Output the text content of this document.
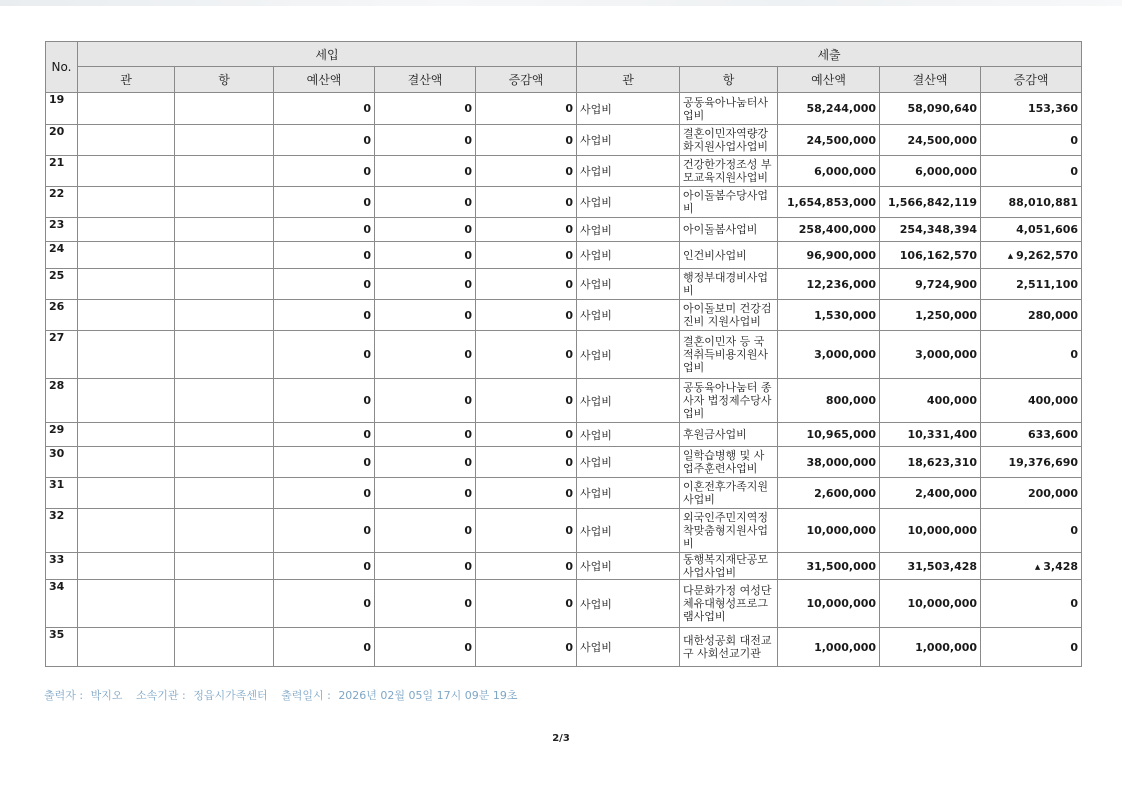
No.	세입					세출				
	관	항	예산액	결산액	증감액	관	항	예산액	결산액	증감액
19			0	0	0	사업비	공동육아나눔터사업비	58,244,000	58,090,640	153,360
20			0	0	0	사업비	결혼이민자역량강화지원사업사업비	24,500,000	24,500,000	0
21			0	0	0	사업비	건강한가정조성 부모교육지원사업비	6,000,000	6,000,000	0
22			0	0	0	사업비	아이돌봄수당사업비	1,654,853,000	1,566,842,119	88,010,881
23			0	0	0	사업비	아이돌봄사업비	258,400,000	254,348,394	4,051,606
24			0	0	0	사업비	인건비사업비	96,900,000	106,162,570	▲ 9,262,570
25			0	0	0	사업비	행정부대경비사업비	12,236,000	9,724,900	2,511,100
26			0	0	0	사업비	아이돌보미 건강검진비 지원사업비	1,530,000	1,250,000	280,000
27			0	0	0	사업비	결혼이민자 등 국적취득비용지원사업비	3,000,000	3,000,000	0
28			0	0	0	사업비	공동육아나눔터 종사자 법정제수당사업비	800,000	400,000	400,000
29			0	0	0	사업비	후원금사업비	10,965,000	10,331,400	633,600
30			0	0	0	사업비	일학습병행 및 사업주훈련사업비	38,000,000	18,623,310	19,376,690
31			0	0	0	사업비	이혼전후가족지원사업비	2,600,000	2,400,000	200,000
32			0	0	0	사업비	외국인주민지역정착맞춤형지원사업비	10,000,000	10,000,000	0
33			0	0	0	사업비	동행복지재단공모사업사업비	31,500,000	31,503,428	▲ 3,428
34			0	0	0	사업비	다문화가정 여성단체유대형성프로그램사업비	10,000,000	10,000,000	0
35			0	0	0	사업비	대한성공회 대전교구 사회선교기관	1,000,000	1,000,000	0
출력자 : 박지오 소속기관 : 정읍시가족센터 출력일시 : 2026년 02월 05일 17시 09분 19초
2/3
